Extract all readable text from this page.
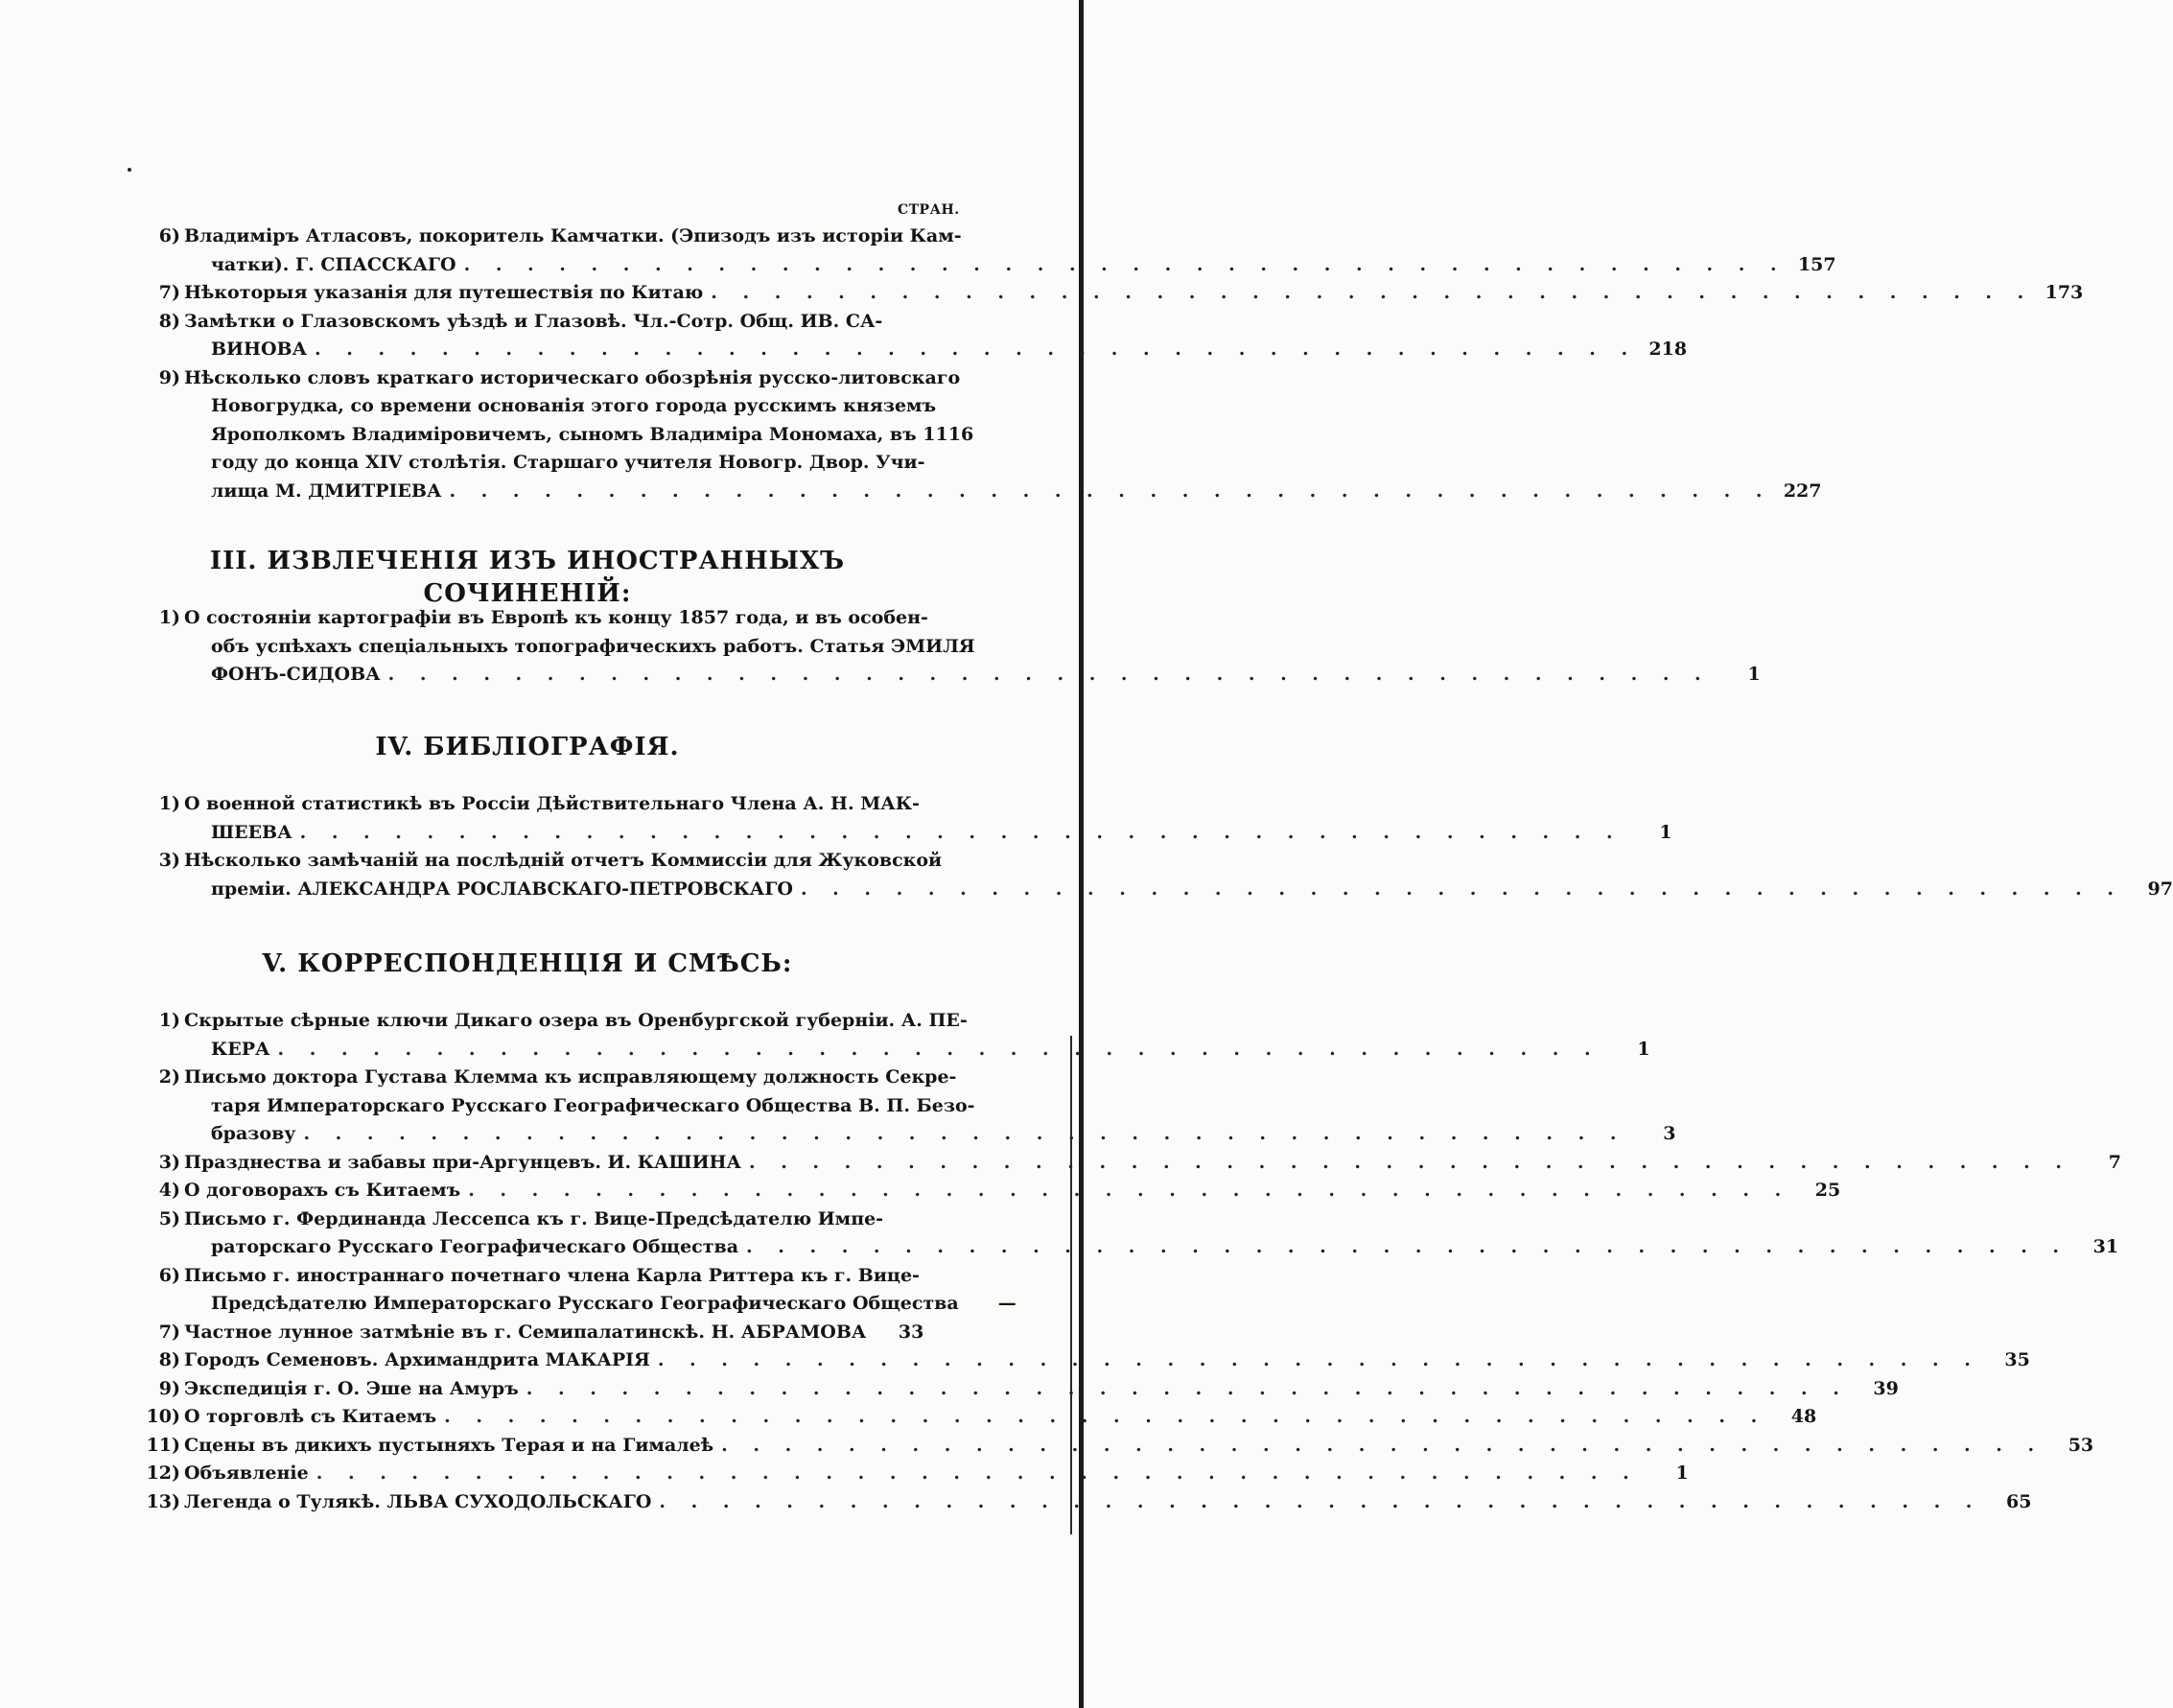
СТРАН.
6) Владиміръ Атласовъ, покоритель Камчатки. (Эпизодъ изъ исторіи Кам-
чатки). Г. СПАССКАГО . . . . . . . . . . . . . . . . . . . . . . . . . . . . . . . . . . . . . . . . . . 157
7) Нѣкоторыя указанія для путешествія по Китаю . . . . . . . . . . . . . . . . . . . . . . . . . . . . . . . . . . . . . . . . . . 173
8) Замѣтки о Глазовскомъ уѣздѣ и Глазовѣ. Чл.-Сотр. Общ. ИВ. СА-
ВИНОВА . . . . . . . . . . . . . . . . . . . . . . . . . . . . . . . . . . . . . . . . . . 218
9) Нѣсколько словъ краткаго историческаго обозрѣнія русско-литовскаго
Новогрудка, со времени основанія этого города русскимъ княземъ
Ярополкомъ Владиміровичемъ, сыномъ Владиміра Мономаха, въ 1116
году до конца XIV столѣтія. Старшаго учителя Новогр. Двор. Учи-
лища М. ДМИТРІЕВА . . . . . . . . . . . . . . . . . . . . . . . . . . . . . . . . . . . . . . . . . . 227
III. ИЗВЛЕЧЕНІЯ ИЗЪ ИНОСТРАННЫХЪ СОЧИНЕНІЙ:
1) О состояніи картографіи въ Европѣ къ концу 1857 года, и въ особен-
объ успѣхахъ спеціальныхъ топографическихъ работъ. Статья ЭМИЛЯ
ФОНЪ-СИДОВА . . . . . . . . . . . . . . . . . . . . . . . . . . . . . . . . . . . . . . . . . .	1
IV. БИБЛІОГРАФІЯ.
1) О военной статистикѣ въ Россіи Дѣйствительнаго Члена А. Н. МАК-
ШЕЕВА . . . . . . . . . . . . . . . . . . . . . . . . . . . . . . . . . . . . . . . . . .	1
3) Нѣсколько замѣчаній на послѣдній отчетъ Коммиссіи для Жуковской
преміи. АЛЕКСАНДРА РОСЛАВСКАГО-ПЕТРОВСКАГО . . . . . . . . . . . . . . . . . . . . . . . . . . . . . . . . . . . . . . . . . .	97
V. КОРРЕСПОНДЕНЦІЯ И СМѢСЬ:
1) Скрытые сѣрные ключи Дикаго озера въ Оренбургской губерніи. А. ПЕ-
КЕРА . . . . . . . . . . . . . . . . . . . . . . . . . . . . . . . . . . . . . . . . . .	1
2) Письмо доктора Густава Клемма къ исправляющему должность Секре-
таря Императорскаго Русскаго Географическаго Общества В. П. Безо-
бразову . . . . . . . . . . . . . . . . . . . . . . . . . . . . . . . . . . . . . . . . . .	3
3) Празднества и забавы при-Аргунцевъ. И. КАШИНА . . . . . . . . . . . . . . . . . . . . . . . . . . . . . . . . . . . . . . . . . .	7
4) О договорахъ съ Китаемъ . . . . . . . . . . . . . . . . . . . . . . . . . . . . . . . . . . . . . . . . . .	25
5) Письмо г. Фердинанда Лессепса къ г. Вице-Предсѣдателю Импе-
раторскаго Русскаго Географическаго Общества . . . . . . . . . . . . . . . . . . . . . . . . . . . . . . . . . . . . . . . . . .	31
6) Письмо г. иностраннаго почетнаго члена Карла Риттера къ г. Вице-
Предсѣдателю Императорскаго Русскаго Географическаго Общества	—
7) Частное лунное затмѣніе въ г. Семипалатинскѣ. Н. АБРАМОВА	33
8) Городъ Семеновъ. Архимандрита МАКАРІЯ . . . . . . . . . . . . . . . . . . . . . . . . . . . . . . . . . . . . . . . . . .	35
9) Экспедиція г. О. Эше на Амуръ . . . . . . . . . . . . . . . . . . . . . . . . . . . . . . . . . . . . . . . . . .	39
10) О торговлѣ съ Китаемъ . . . . . . . . . . . . . . . . . . . . . . . . . . . . . . . . . . . . . . . . . .	48
11) Сцены въ дикихъ пустыняхъ Терая и на Гималеѣ . . . . . . . . . . . . . . . . . . . . . . . . . . . . . . . . . . . . . . . . . .	53
12) Объявленіе . . . . . . . . . . . . . . . . . . . . . . . . . . . . . . . . . . . . . . . . . .	1
13) Легенда о Тулякѣ. ЛЬВА СУХОДОЛЬСКАГО . . . . . . . . . . . . . . . . . . . . . . . . . . . . . . . . . . . . . . . . . .	65
